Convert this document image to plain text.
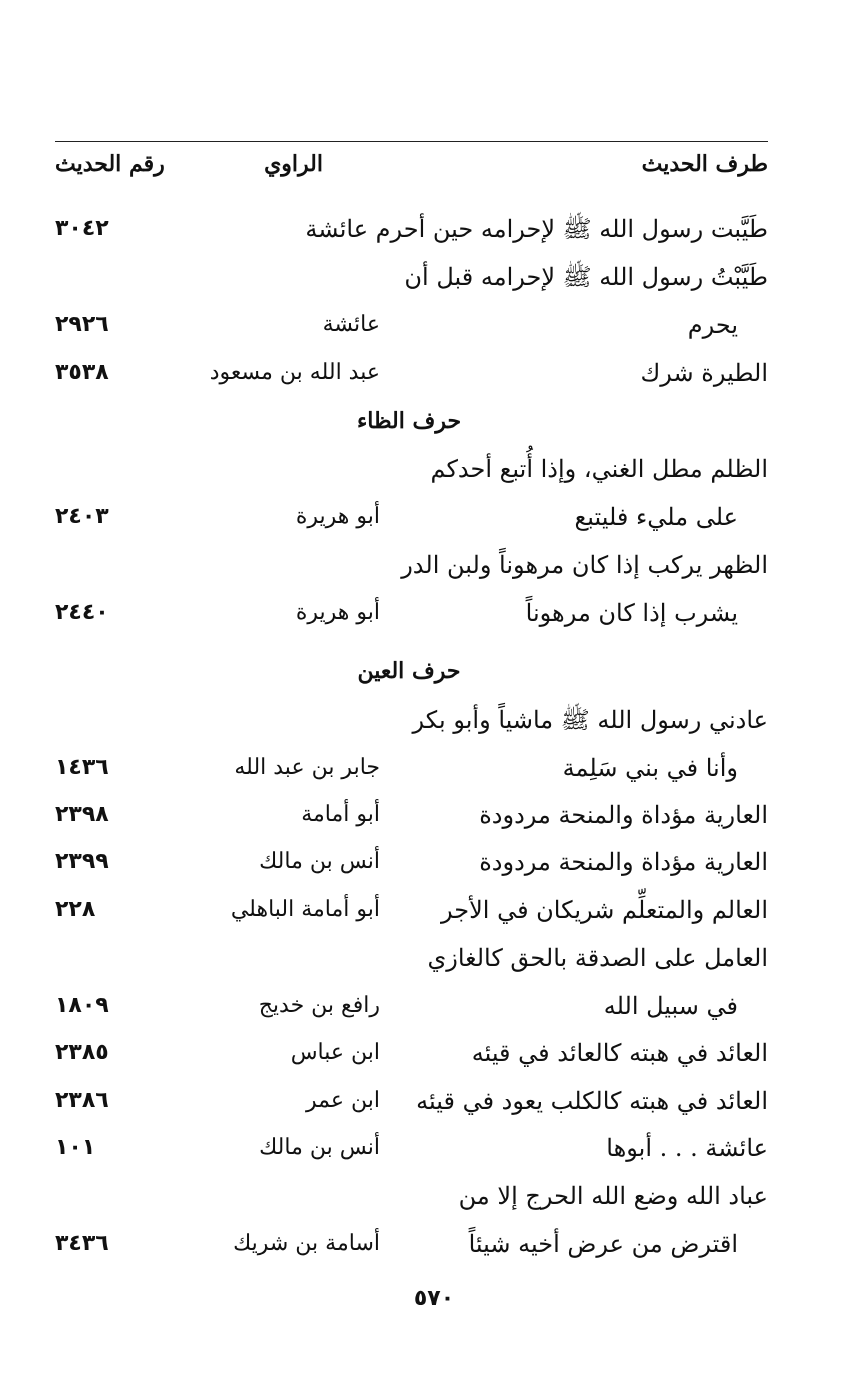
طرف الحديث
الراوي
رقم الحديث
طَيَّبت رسول الله ﷺ لإحرامه حين أحرم عائشة
٣٠٤٢
طَيَّبْتُ رسول الله ﷺ لإحرامه قبل أن
يحرم
عائشة
٢٩٢٦
الطيرة شرك
عبد الله بن مسعود
٣٥٣٨
حرف الظاء
الظلم مطل الغني، وإذا أُتبع أحدكم
على مليء فليتبع
أبو هريرة
٢٤٠٣
الظهر يركب إذا كان مرهوناً ولبن الدر
يشرب إذا كان مرهوناً
أبو هريرة
٢٤٤٠
حرف العين
عادني رسول الله ﷺ ماشياً وأبو بكر
وأنا في بني سَلِمة
جابر بن عبد الله
١٤٣٦
العارية مؤداة والمنحة مردودة
أبو أمامة
٢٣٩٨
العارية مؤداة والمنحة مردودة
أنس بن مالك
٢٣٩٩
العالم والمتعلِّم شريكان في الأجر
أبو أمامة الباهلي
٢٢٨
العامل على الصدقة بالحق كالغازي
في سبيل الله
رافع بن خديج
١٨٠٩
العائد في هبته كالعائد في قيئه
ابن عباس
٢٣٨٥
العائد في هبته كالكلب يعود في قيئه
ابن عمر
٢٣٨٦
عائشة . . . أبوها
أنس بن مالك
١٠١
عباد الله وضع الله الحرج إلا من
اقترض من عرض أخيه شيئاً
أسامة بن شريك
٣٤٣٦
٥٧٠
